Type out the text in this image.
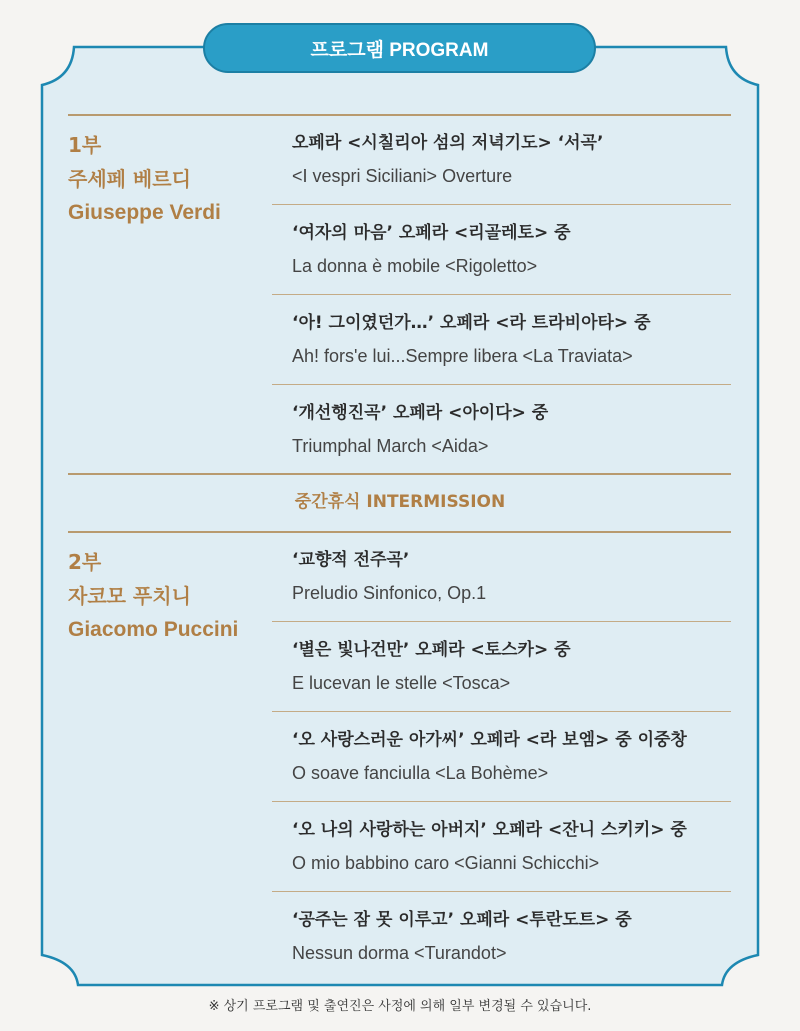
프로그램 PROGRAM
1부
주세페 베르디
Giuseppe Verdi
오페라 <시칠리아 섬의 저녁기도> ‘서곡’
<I vespri Siciliani> Overture
‘여자의 마음’ 오페라 <리골레토> 중
La donna è mobile <Rigoletto>
‘아! 그이였던가…’ 오페라 <라 트라비아타> 중
Ah! fors'e lui...Sempre libera <La Traviata>
‘개선행진곡’ 오페라 <아이다> 중
Triumphal March <Aida>
중간휴식 INTERMISSION
2부
자코모 푸치니
Giacomo Puccini
‘교향적 전주곡’
Preludio Sinfonico, Op.1
‘별은 빛나건만’ 오페라 <토스카> 중
E lucevan le stelle <Tosca>
‘오 사랑스러운 아가씨’ 오페라 <라 보엠> 중 이중창
O soave fanciulla <La Bohème>
‘오 나의 사랑하는 아버지’ 오페라 <잔니 스키키> 중
O mio babbino caro <Gianni Schicchi>
‘공주는 잠 못 이루고’ 오페라 <투란도트> 중
Nessun dorma <Turandot>
※ 상기 프로그램 및 출연진은 사정에 의해 일부 변경될 수 있습니다.
